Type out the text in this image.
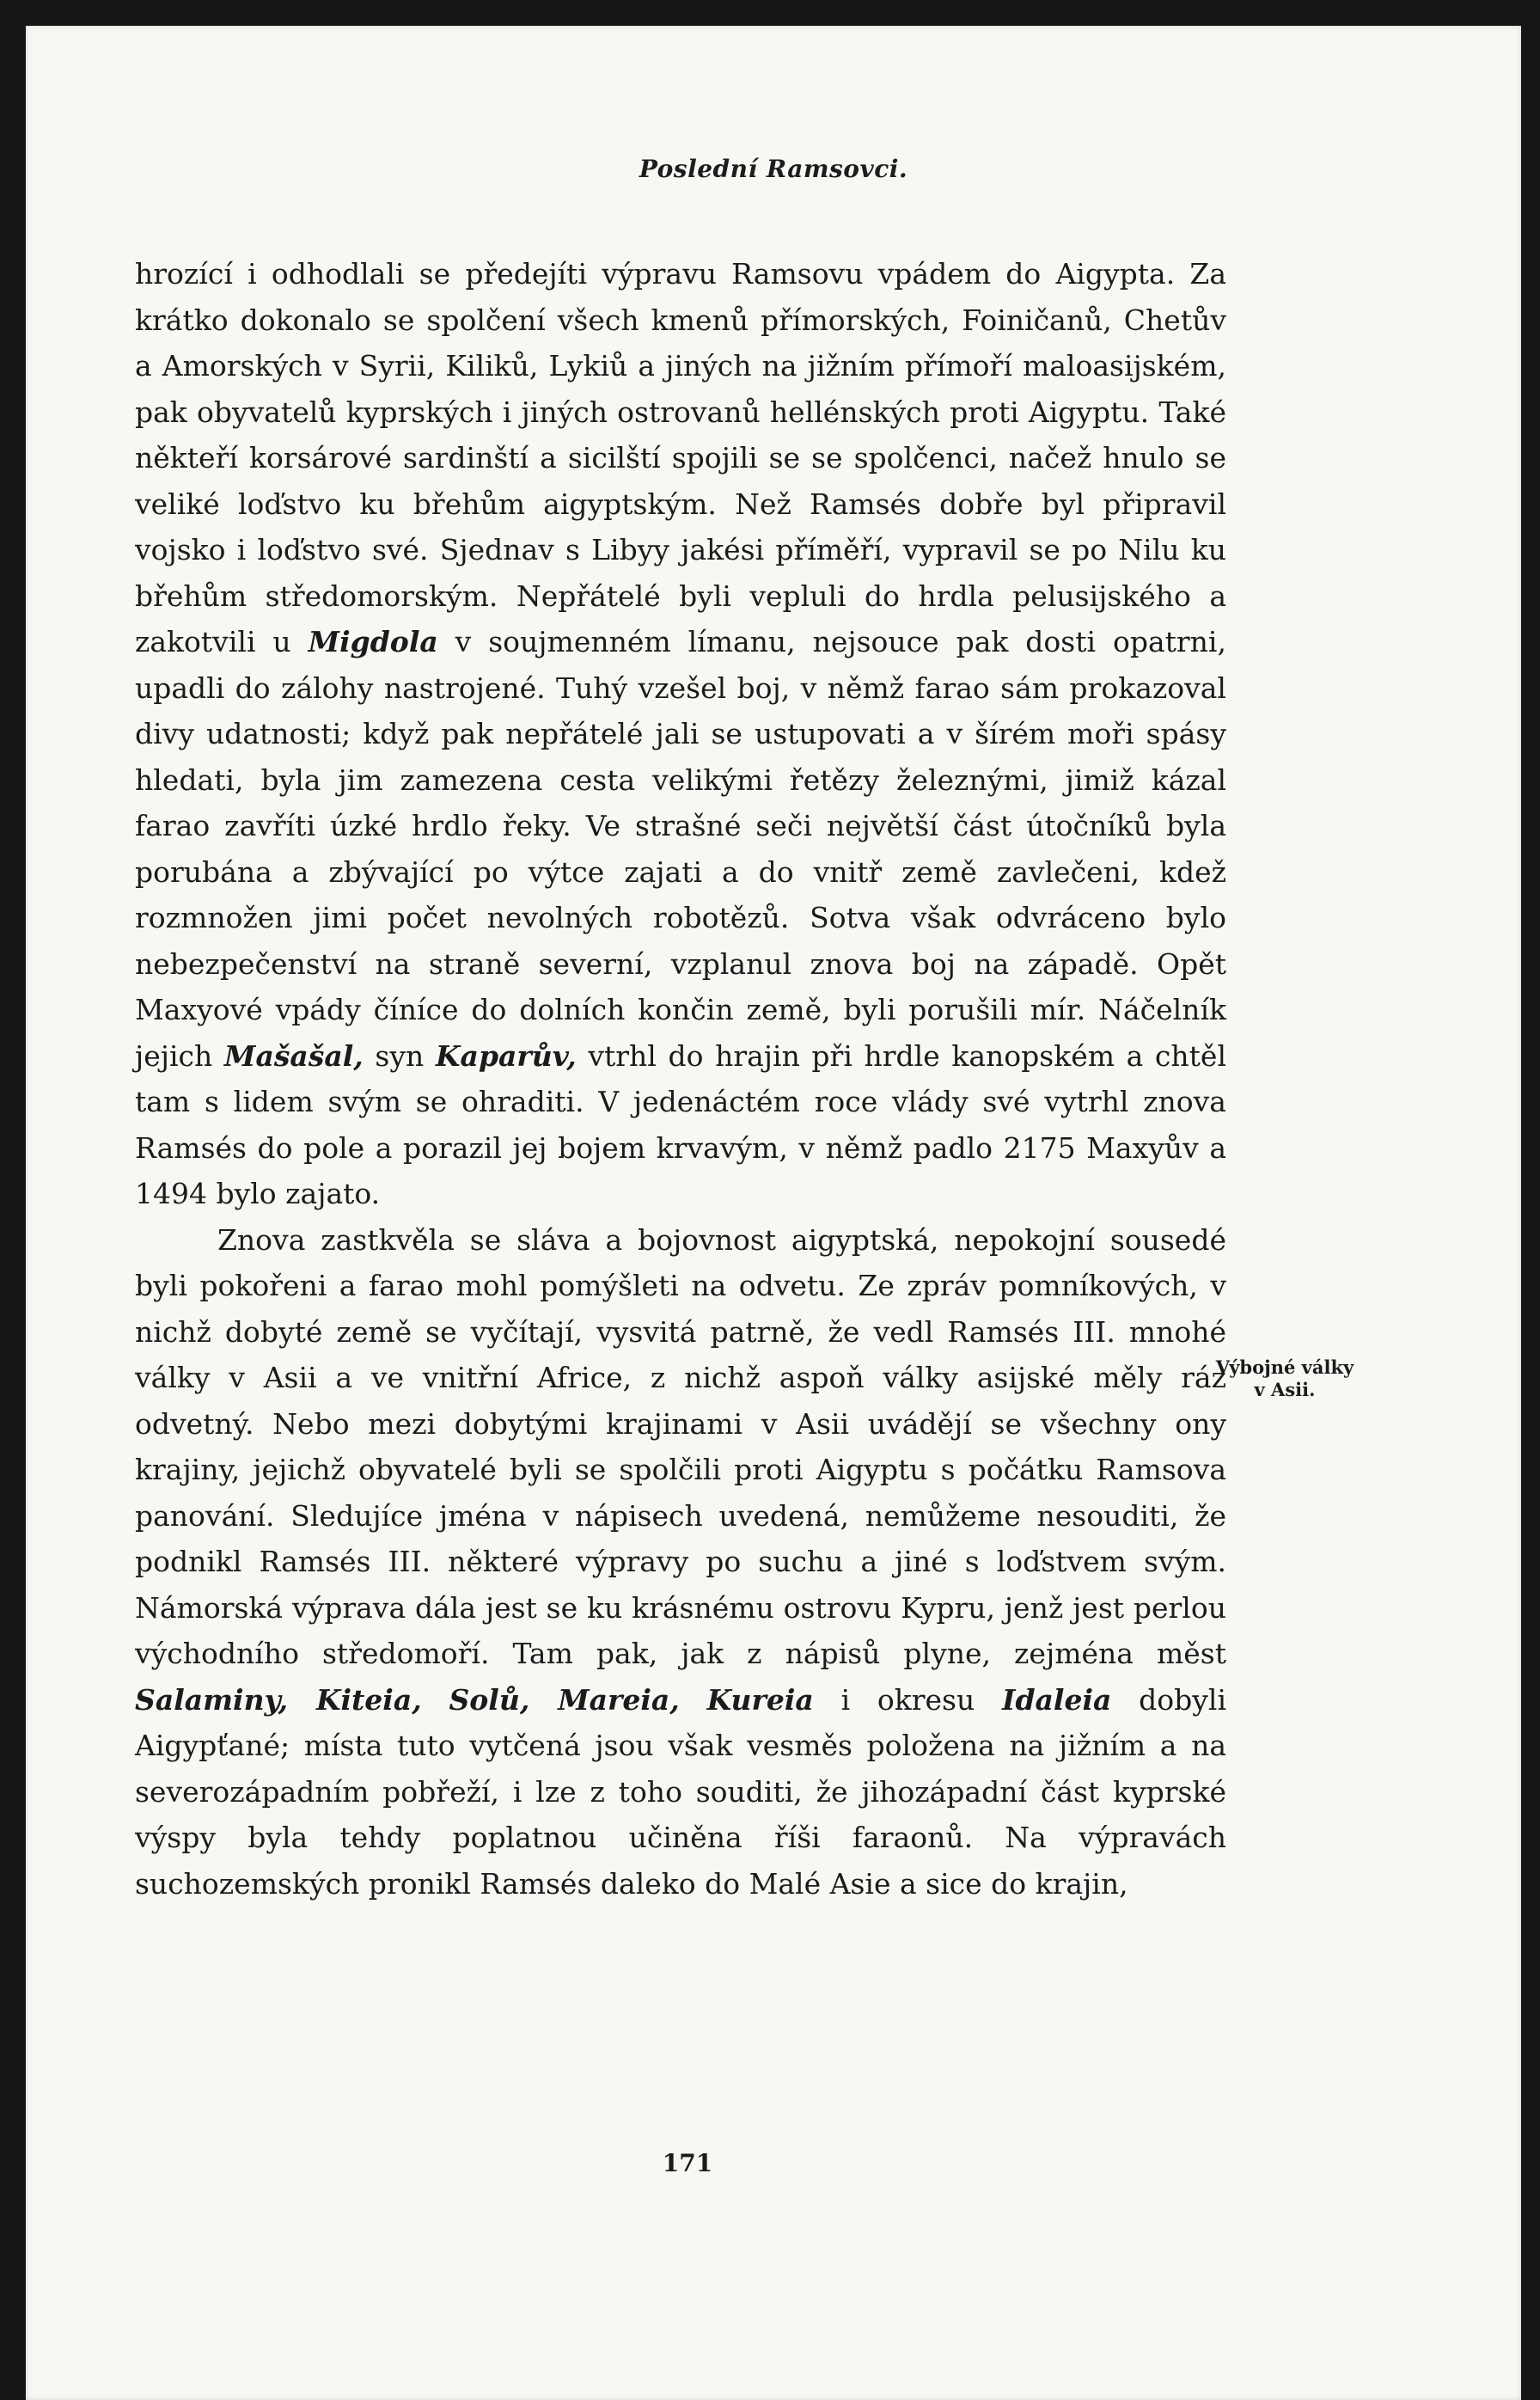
Poslední Ramsovci.

hrozící i odhodlali se předejíti výpravu Ramsovu vpádem do Aigypta. Za krátko dokonalo se spolčení všech kmenů přímorských, Foiničanů, Chetův a Amorských v Syrii, Kiliků, Lykiů a jiných na jižním přímoří maloasijském, pak obyvatelů kyprských i jiných ostrovanů hellénských proti Aigyptu. Také někteří korsárové sardinští a sicilští spojili se se spolčenci, načež hnulo se veliké loďstvo ku břehům aigyptským. Než Ramsés dobře byl připravil vojsko i loďstvo své. Sjednav s Libyy jakési příměří, vypravil se po Nilu ku břehům středomorským. Nepřátelé byli vepluli do hrdla pelusijského a zakotvili u Migdola v soujmenném límanu, nejsouce pak dosti opatrni, upadli do zálohy nastrojené. Tuhý vzešel boj, v němž farao sám prokazoval divy udatnosti; když pak nepřátelé jali se ustupovati a v šírém moři spásy hledati, byla jim zamezena cesta velikými řetězy železnými, jimiž kázal farao zavříti úzké hrdlo řeky. Ve strašné seči největší část útočníků byla porubána a zbývající po výtce zajati a do vnitř země zavlečeni, kdež rozmnožen jimi počet nevolných robotězů. Sotva však odvráceno bylo nebezpečenství na straně severní, vzplanul znova boj na západě. Opět Maxyové vpády číníce do dolních končin země, byli porušili mír. Náčelník jejich Mašašal, syn Kaparův, vtrhl do hrajin při hrdle kanopském a chtěl tam s lidem svým se ohraditi. V jedenáctém roce vlády své vytrhl znova Ramsés do pole a porazil jej bojem krvavým, v němž padlo 2175 Maxyův a 1494 bylo zajato.

Znova zastkvěla se sláva a bojovnost aigyptská, nepokojní sousedé byli pokořeni a farao mohl pomýšleti na odvetu. Ze zpráv pomníkových, v nichž dobyté země se vyčítají, vysvitá patrně, že vedl Ramsés III. mnohé války v Asii a ve vnitřní Africe, z nichž aspoň války asijské měly ráz odvetný. Nebo mezi dobytými krajinami v Asii uvádějí se všechny ony krajiny, jejichž obyvatelé byli se spolčili proti Aigyptu s počátku Ramsova panování. Sledujíce jména v nápisech uvedená, nemůžeme nesouditi, že podnikl Ramsés III. některé výpravy po suchu a jiné s loďstvem svým. Námorská výprava dála jest se ku krásnému ostrovu Kypru, jenž jest perlou východního středomoří. Tam pak, jak z nápisů plyne, zejména měst Salaminy, Kiteia, Solů, Mareia, Kureia i okresu Idaleia dobyli Aigypťané; místa tuto vytčená jsou však vesměs položena na jižním a na severozápadním pobřeží, i lze z toho souditi, že jihozápadní část kyprské výspy byla tehdy poplatnou učiněna říši faraonů. Na výpravách suchozemských pronikl Ramsés daleko do Malé Asie a sice do krajin,

Výbojné války
v Asii.
171
